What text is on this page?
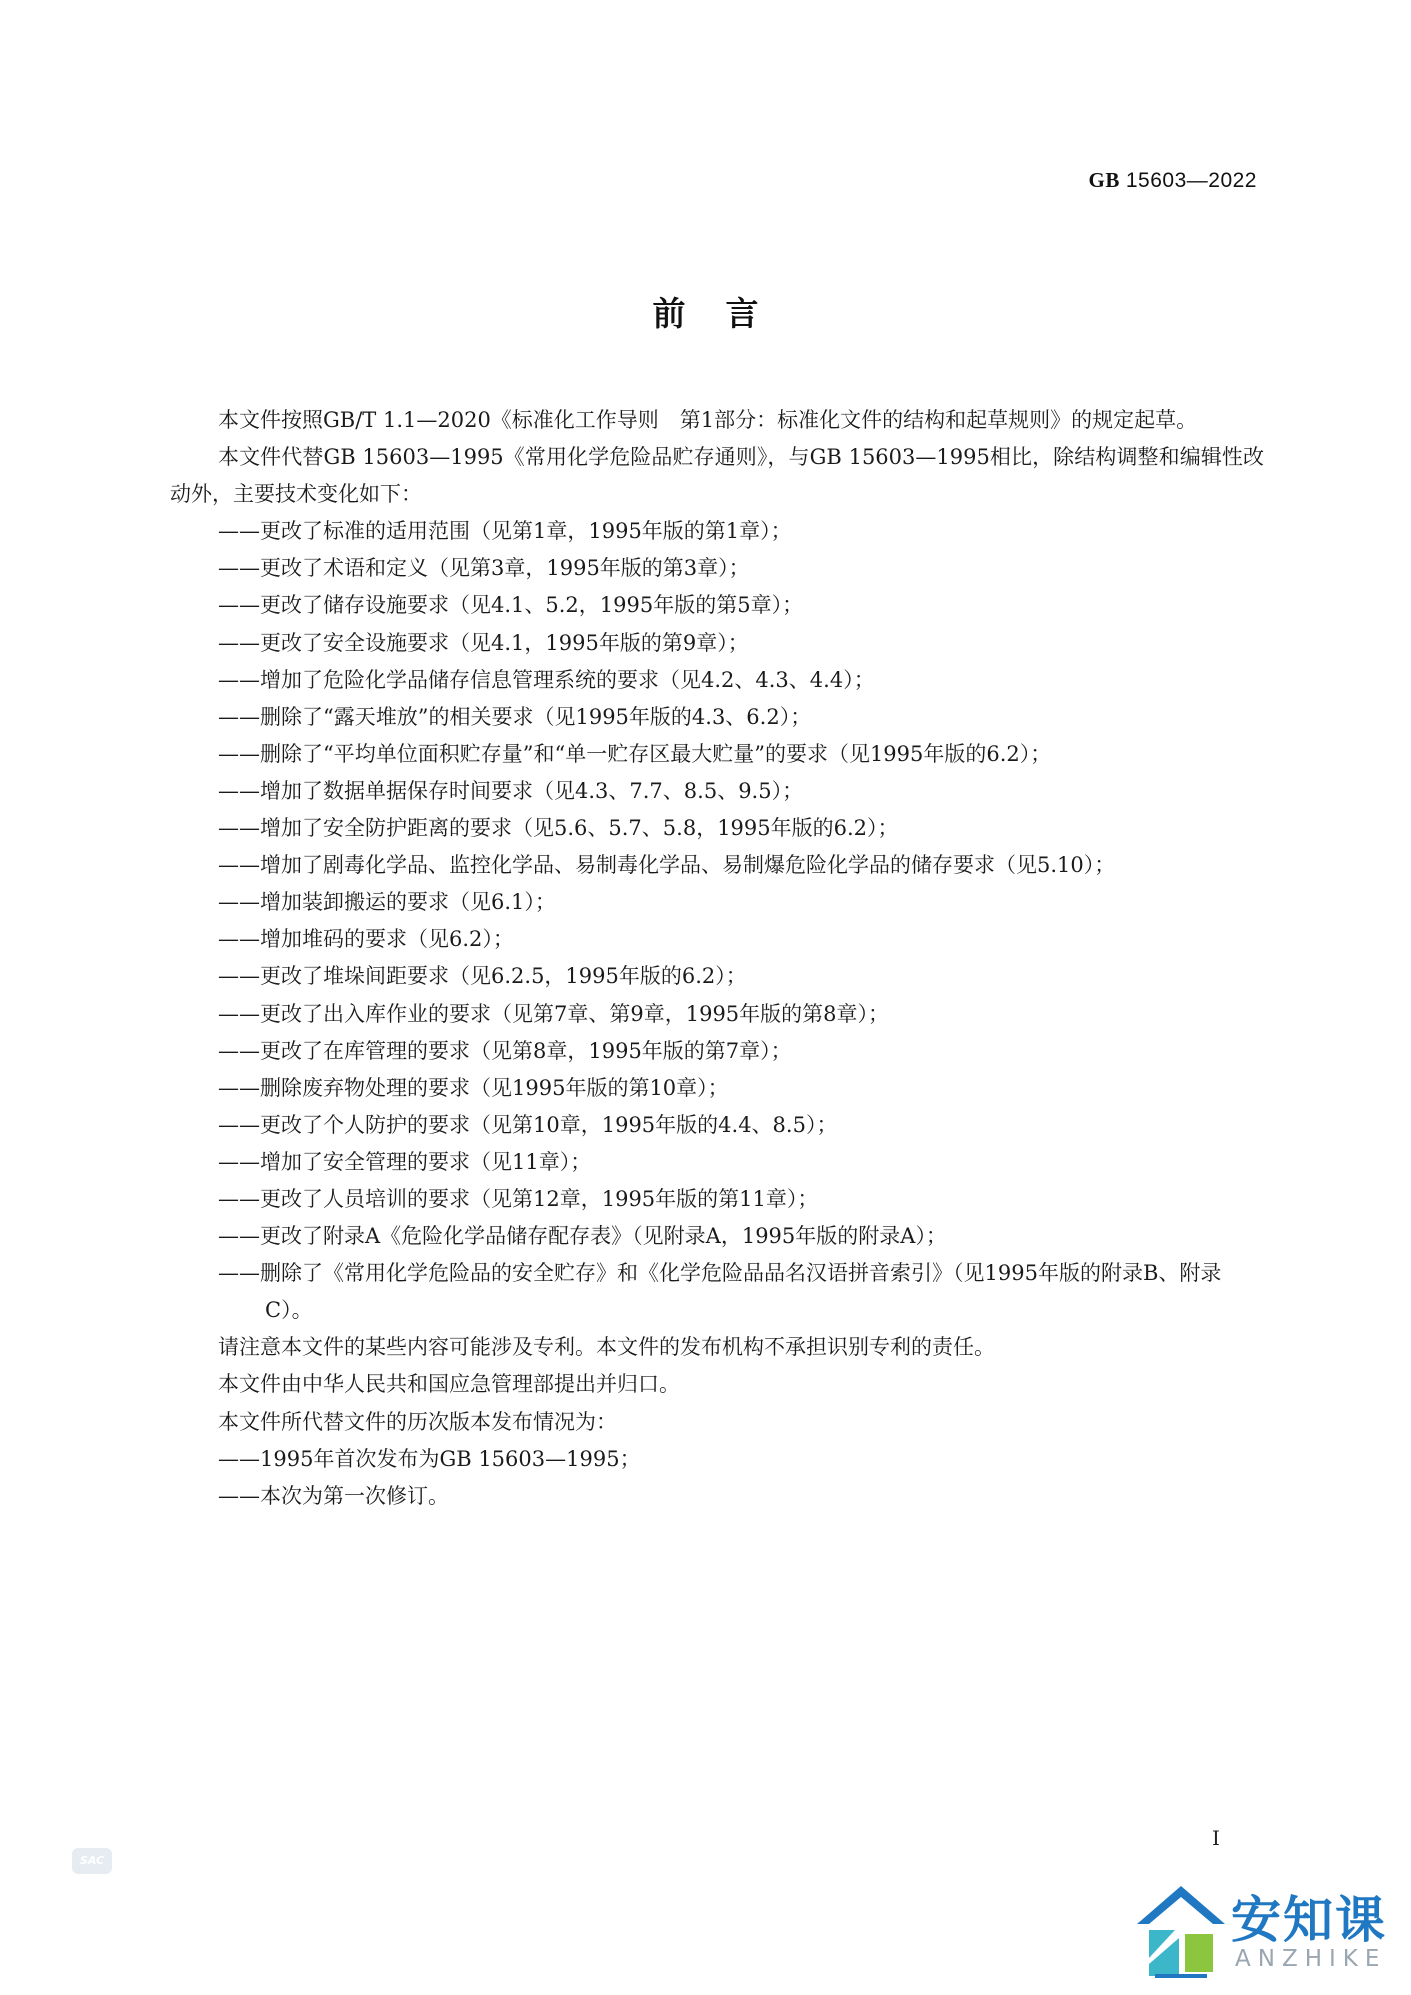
GB 15603—2022
前言

本文件按照GB/T 1.1—2020《标准化工作导则　第1部分：标准化文件的结构和起草规则》的规定起草。

本文件代替GB 15603—1995《常用化学危险品贮存通则》，与GB 15603—1995相比，除结构调整和编辑性改动外，主要技术变化如下：

——更改了标准的适用范围（见第1章，1995年版的第1章）；

——更改了术语和定义（见第3章，1995年版的第3章）；

——更改了储存设施要求（见4.1、5.2，1995年版的第5章）；

——更改了安全设施要求（见4.1，1995年版的第9章）；

——增加了危险化学品储存信息管理系统的要求（见4.2、4.3、4.4）；

——删除了“露天堆放”的相关要求（见1995年版的4.3、6.2）；

——删除了“平均单位面积贮存量”和“单一贮存区最大贮量”的要求（见1995年版的6.2）；

——增加了数据单据保存时间要求（见4.3、7.7、8.5、9.5）；

——增加了安全防护距离的要求（见5.6、5.7、5.8，1995年版的6.2）；

——增加了剧毒化学品、监控化学品、易制毒化学品、易制爆危险化学品的储存要求（见5.10）；

——增加装卸搬运的要求（见6.1）；

——增加堆码的要求（见6.2）；

——更改了堆垛间距要求（见6.2.5，1995年版的6.2）；

——更改了出入库作业的要求（见第7章、第9章，1995年版的第8章）；

——更改了在库管理的要求（见第8章，1995年版的第7章）；

——删除废弃物处理的要求（见1995年版的第10章）；

——更改了个人防护的要求（见第10章，1995年版的4.4、8.5）；

——增加了安全管理的要求（见11章）；

——更改了人员培训的要求（见第12章，1995年版的第11章）；

——更改了附录A《危险化学品储存配存表》（见附录A，1995年版的附录A）；

——删除了《常用化学危险品的安全贮存》和《化学危险品品名汉语拼音索引》（见1995年版的附录B、附录C）。

请注意本文件的某些内容可能涉及专利。本文件的发布机构不承担识别专利的责任。

本文件由中华人民共和国应急管理部提出并归口。

本文件所代替文件的历次版本发布情况为：

——1995年首次发布为GB 15603—1995；

——本次为第一次修订。

I
SAC
安知课
ANZHIKE
